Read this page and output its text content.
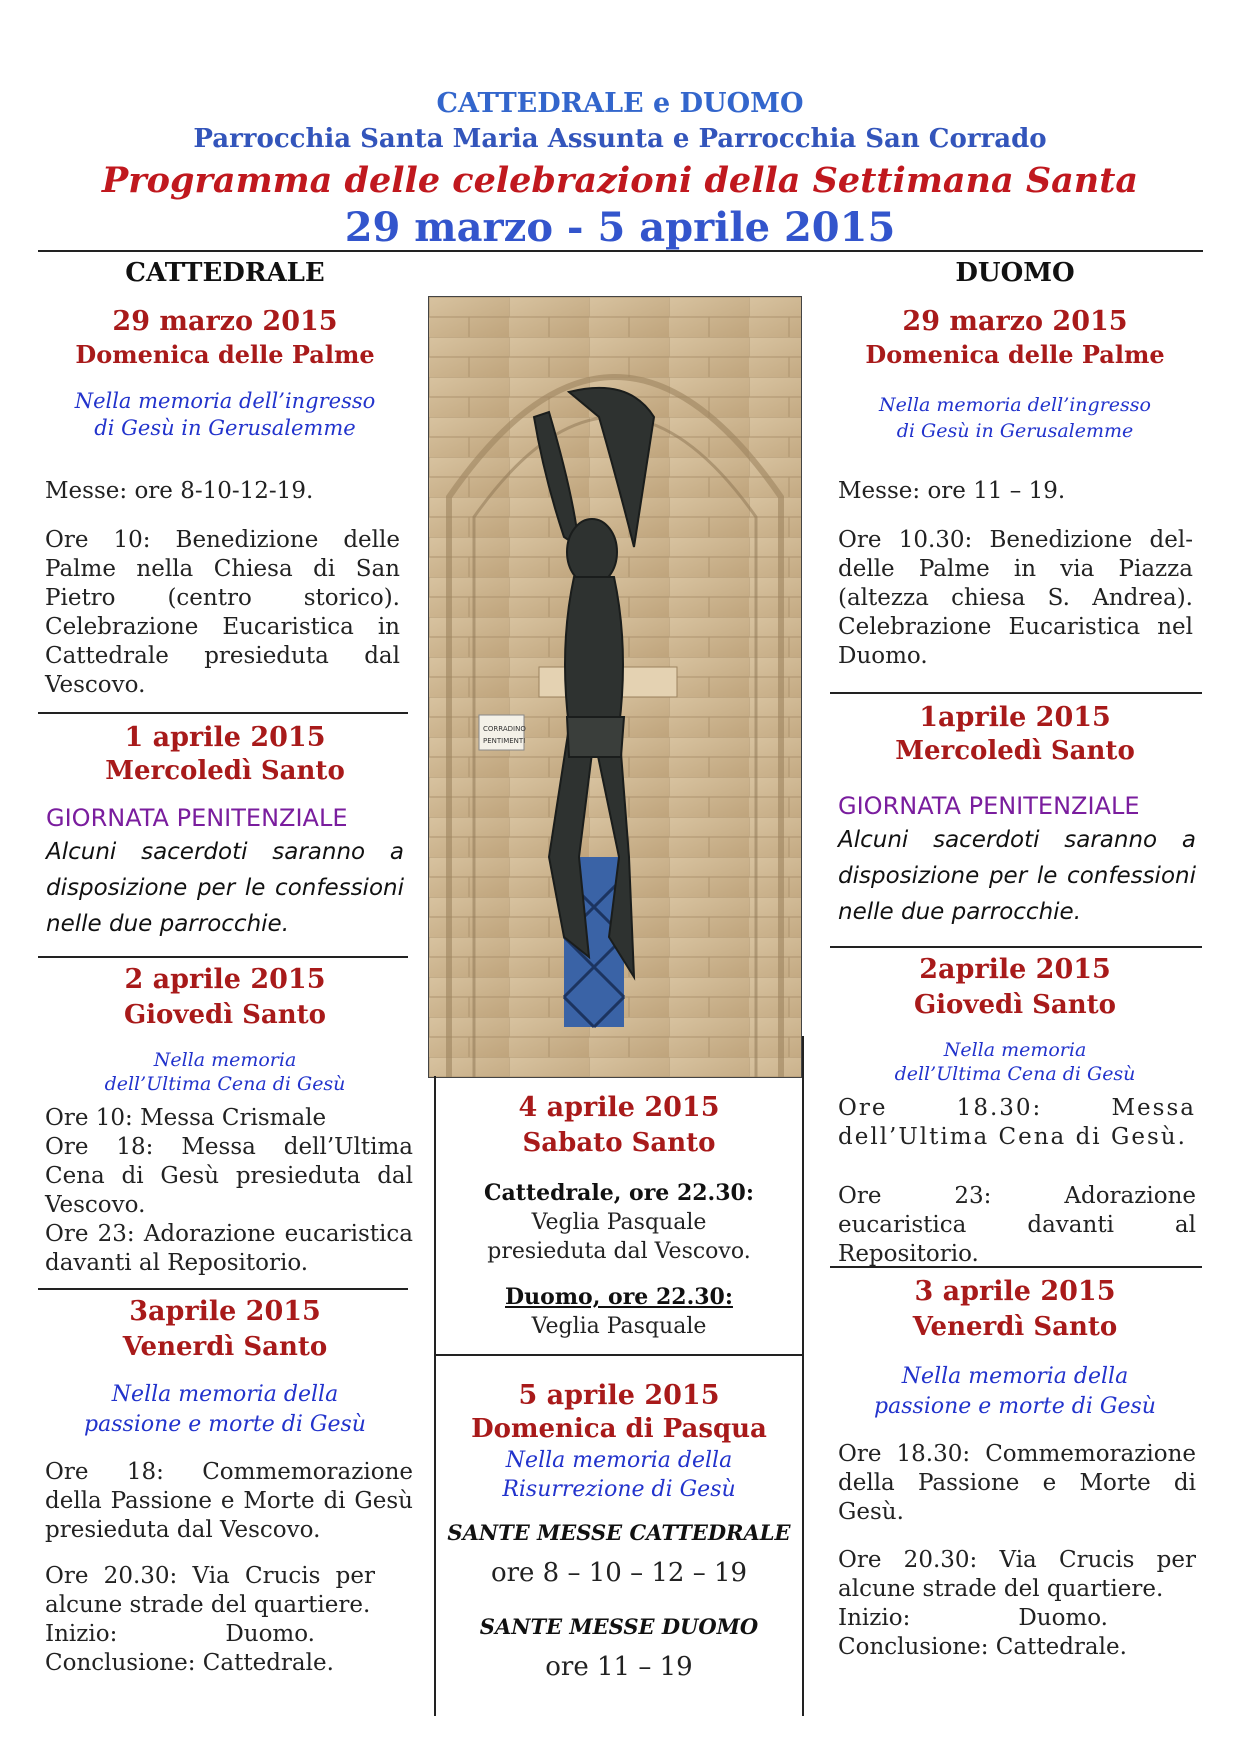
CATTEDRALE e DUOMO
Parrocchia Santa Maria Assunta e Parrocchia San Corrado
Programma delle celebrazioni della Settimana Santa
29 marzo - 5 aprile 2015
CATTEDRALE
29 marzo 2015
Domenica delle Palme
Nella memoria dell’ingresso
di Gesù in Gerusalemme
Messe: ore 8-10-12-19.
Ore 10: Benedizione delle Palme nella Chiesa di San Pietro (centro storico). Celebrazione Eucaristica in Cattedrale presieduta dal Vescovo.
1 aprile 2015
Mercoledì Santo
GIORNATA PENITENZIALE
Alcuni sacerdoti saranno a disposizione per le confessioni nelle due parrocchie.
2 aprile 2015
Giovedì Santo
Nella memoria
dell’Ultima Cena di Gesù

Ore 10: Messa Crismale

Ore 18: Messa dell’Ultima Cena di Gesù presieduta dal Vescovo.

Ore 23: Adorazione eucaristica davanti al Repositorio.

3aprile 2015
Venerdì Santo
Nella memoria della
passione e morte di Gesù
Ore 18: Commemorazione della Passione e Morte di Gesù presieduta dal Vescovo.
Ore 20.30: Via Crucis per alcune strade del quartiere.
Inizio:	Duomo.
Conclusione: Cattedrale.
CORRADINO
PENTIMENTI
4 aprile 2015
Sabato Santo
Cattedrale, ore 22.30:
Veglia Pasquale
presieduta dal Vescovo.
Duomo, ore 22.30:
Veglia Pasquale
5 aprile 2015
Domenica di Pasqua
Nella memoria della
Risurrezione di Gesù
SANTE MESSE CATTEDRALE
ore 8 – 10 – 12 – 19
SANTE MESSE DUOMO
ore 11 – 19
DUOMO
29 marzo 2015
Domenica delle Palme
Nella memoria dell’ingresso
di Gesù in Gerusalemme
Messe: ore 11 – 19.
Ore 10.30: Benedizione del-delle Palme in via Piazza (altezza chiesa S. Andrea). Celebrazione Eucaristica nel Duomo.
1aprile 2015
Mercoledì Santo
GIORNATA PENITENZIALE
Alcuni sacerdoti saranno a disposizione per le confessioni nelle due parrocchie.
2aprile 2015
Giovedì Santo
Nella memoria
dell’Ultima Cena di Gesù
Ore 18.30: Messa dell’Ultima Cena di Gesù.
Ore 23: Adorazione eucaristica davanti al Repositorio.
3 aprile 2015
Venerdì Santo
Nella memoria della
passione e morte di Gesù
Ore 18.30: Commemorazione della Passione e Morte di Gesù.
Ore 20.30: Via Crucis per alcune strade del quartiere.
Inizio:	Duomo.
Conclusione: Cattedrale.
